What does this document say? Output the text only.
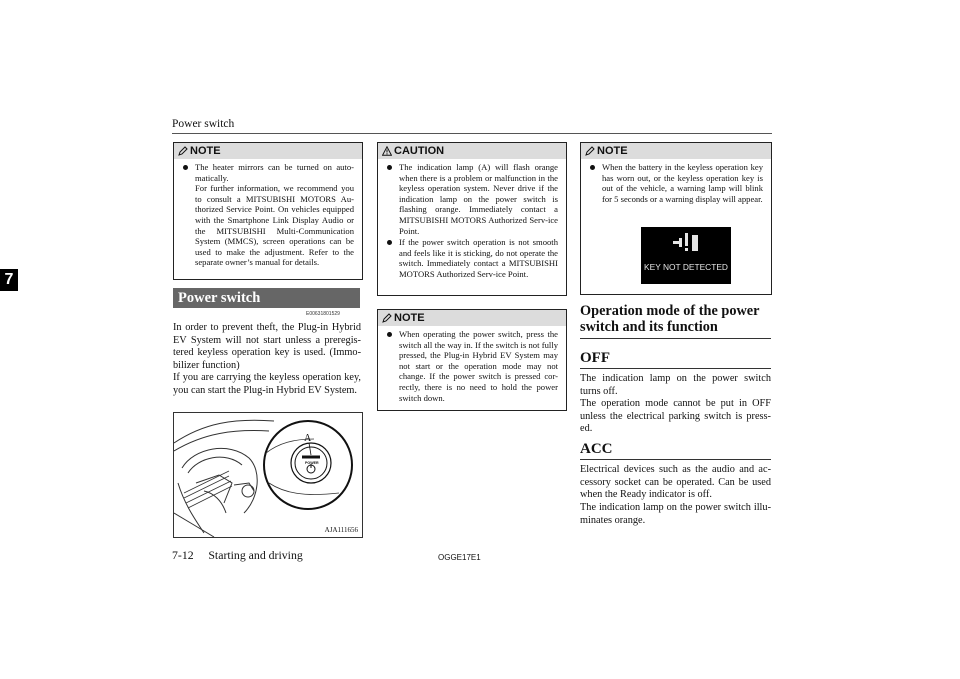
Power switch
7
NOTE
The heater mirrors can be turned on auto-matically.
For further information, we recommend you to consult a MITSUBISHI MOTORS Au-thorized Service Point. On vehicles equipped with the Smartphone Link Display Audio or the MITSUBISHI Multi-Communication System (MMCS), screen operations can be used to make the adjustment. Refer to the separate owner’s manual for details.
Power switch
E00631801529
In order to prevent theft, the Plug-in Hybrid EV System will not start unless a preregis-tered keyless operation key is used. (Immo-bilizer function)
If you are carrying the keyless operation key, you can start the Plug-in Hybrid EV System.
A
POWER
AJA111656
CAUTION
The indication lamp (A) will flash orange when there is a problem or malfunction in the keyless operation system. Never drive if the indication lamp on the power switch is flashing orange. Immediately contact a MITSUBISHI MOTORS Authorized Serv-ice Point.
If the power switch operation is not smooth and feels like it is sticking, do not operate the switch. Immediately contact a MITSUBISHI MOTORS Authorized Serv-ice Point.
NOTE
When operating the power switch, press the switch all the way in. If the switch is not fully pressed, the Plug-in Hybrid EV System may not start or the operation mode may not change. If the power switch is pressed cor-rectly, there is no need to hold the power switch down.
NOTE
When the battery in the keyless operation key has worn out, or the keyless operation key is out of the vehicle, a warning lamp will blink for 5 seconds or a warning display will appear.
KEY NOT DETECTED
Operation mode of the power switch and its function
OFF
The indication lamp on the power switch turns off.
The operation mode cannot be put in OFF unless the electrical parking switch is press-ed.
ACC
Electrical devices such as the audio and ac-cessory socket can be operated. Can be used when the Ready indicator is off.
The indication lamp on the power switch illu-minates orange.
7-12 Starting and driving	OGGE17E1
